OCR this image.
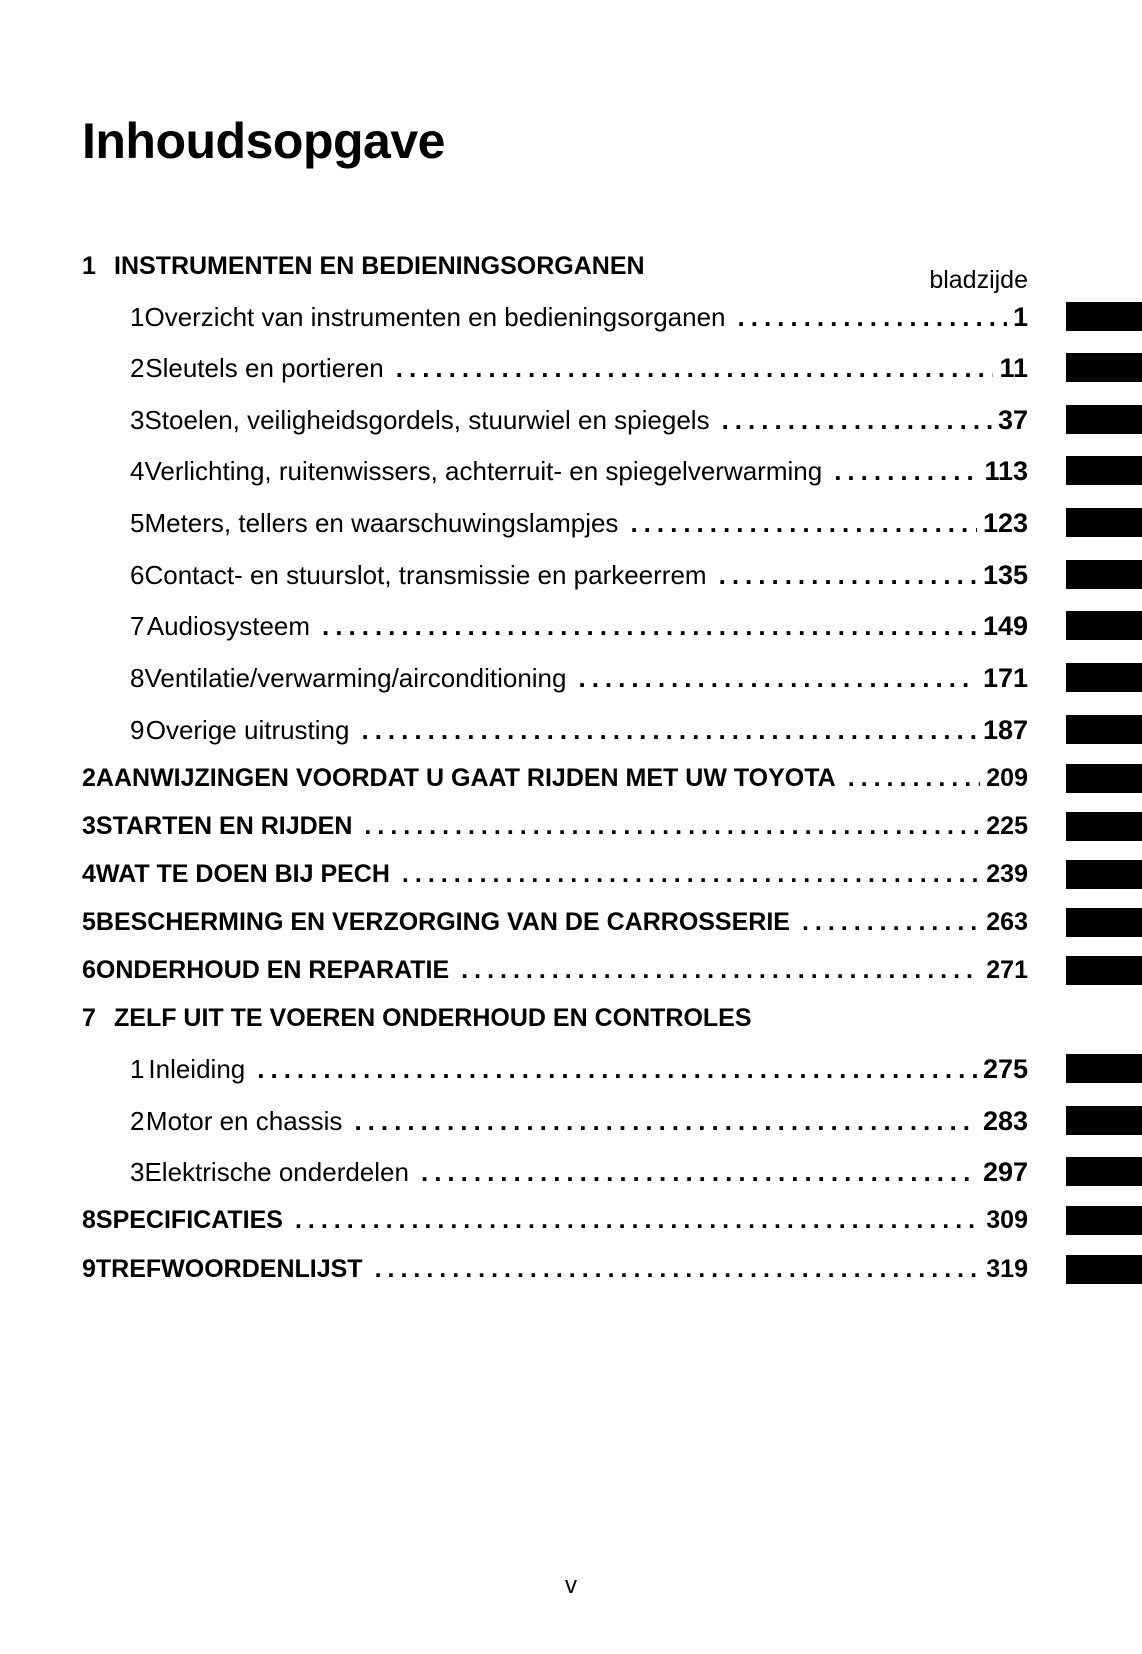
Inhoudsopgave
1 INSTRUMENTEN EN BEDIENINGSORGANEN	bladzijde
1 Overzicht van instrumenten en bedieningsorganen .....	1
2 Sleutels en portieren .....	11
3 Stoelen, veiligheidsgordels, stuurwiel en spiegels .....	37
4 Verlichting, ruitenwissers, achterruit- en spiegelverwarming .....	113
5 Meters, tellers en waarschuwingslampjes .....	123
6 Contact- en stuurslot, transmissie en parkeerrem .....	135
7 Audiosysteem .....	149
8 Ventilatie/verwarming/airconditioning .....	171
9 Overige uitrusting .....	187
2 AANWIJZINGEN VOORDAT U GAAT RIJDEN MET UW TOYOTA .....	209
3 STARTEN EN RIJDEN .....	225
4 WAT TE DOEN BIJ PECH .....	239
5 BESCHERMING EN VERZORGING VAN DE CARROSSERIE .....	263
6 ONDERHOUD EN REPARATIE .....	271
7 ZELF UIT TE VOEREN ONDERHOUD EN CONTROLES
1 Inleiding .....	275
2 Motor en chassis .....	283
3 Elektrische onderdelen .....	297
8 SPECIFICATIES .....	309
9 TREFWOORDENLIJST .....	319
v
